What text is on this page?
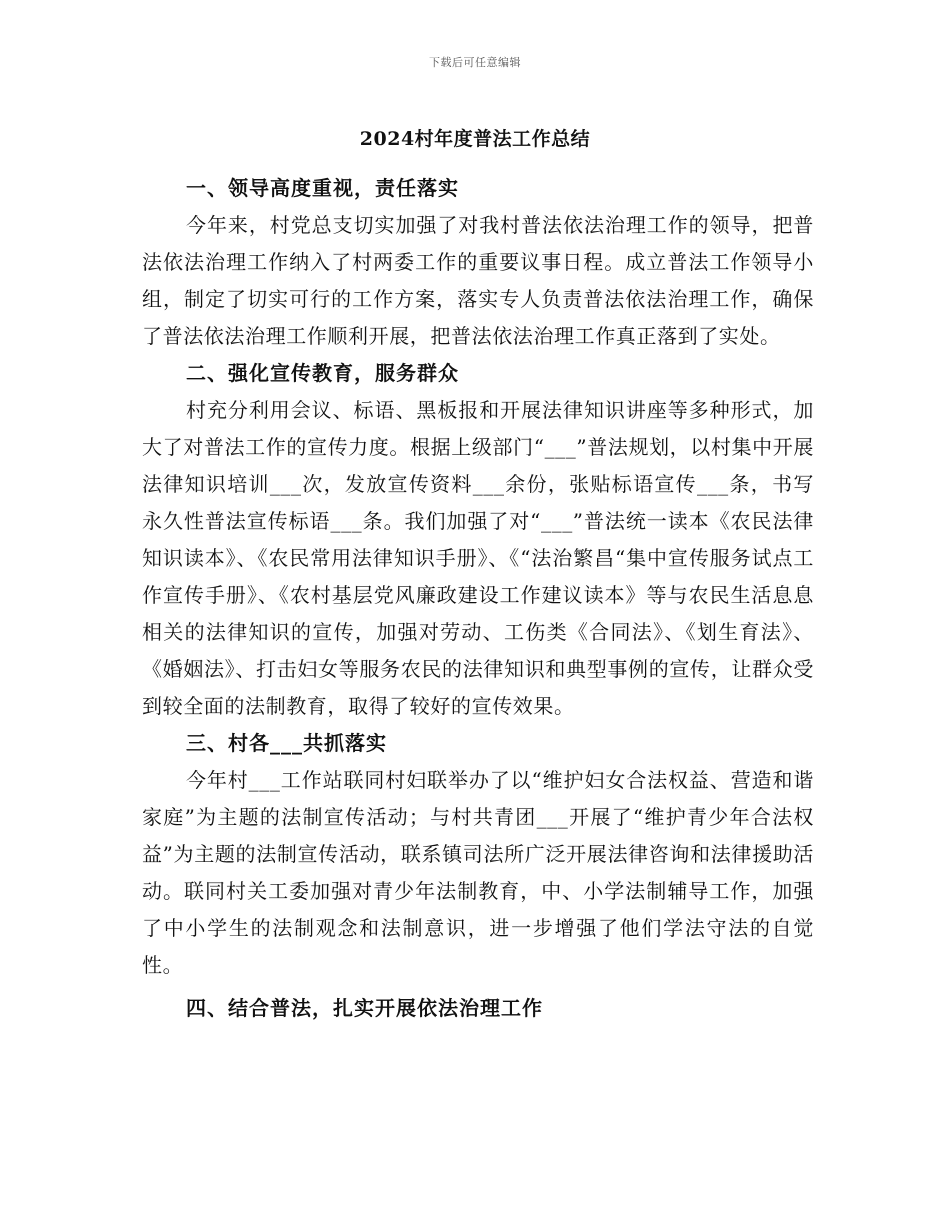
下载后可任意编辑
2024村年度普法工作总结
一、领导高度重视，责任落实

今年来，村党总支切实加强了对我村普法依法治理工作的领导，把普法依法治理工作纳入了村两委工作的重要议事日程。成立普法工作领导小组，制定了切实可行的工作方案，落实专人负责普法依法治理工作，确保了普法依法治理工作顺利开展，把普法依法治理工作真正落到了实处。

二、强化宣传教育，服务群众

村充分利用会议、标语、黑板报和开展法律知识讲座等多种形式，加大了对普法工作的宣传力度。根据上级部门“___”普法规划，以村集中开展法律知识培训___次，发放宣传资料___余份，张贴标语宣传___条，书写永久性普法宣传标语___条。我们加强了对“___”普法统一读本《农民法律知识读本》、《农民常用法律知识手册》、《“法治繁昌“集中宣传服务试点工作宣传手册》、《农村基层党风廉政建设工作建议读本》等与农民生活息息相关的法律知识的宣传，加强对劳动、工伤类《合同法》、《划生育法》、《婚姻法》、打击妇女等服务农民的法律知识和典型事例的宣传，让群众受到较全面的法制教育，取得了较好的宣传效果。

三、村各___共抓落实

今年村___工作站联同村妇联举办了以“维护妇女合法权益、营造和谐家庭”为主题的法制宣传活动；与村共青团___开展了“维护青少年合法权益”为主题的法制宣传活动，联系镇司法所广泛开展法律咨询和法律援助活动。联同村关工委加强对青少年法制教育，中、小学法制辅导工作，加强了中小学生的法制观念和法制意识，进一步增强了他们学法守法的自觉性。

四、结合普法，扎实开展依法治理工作
